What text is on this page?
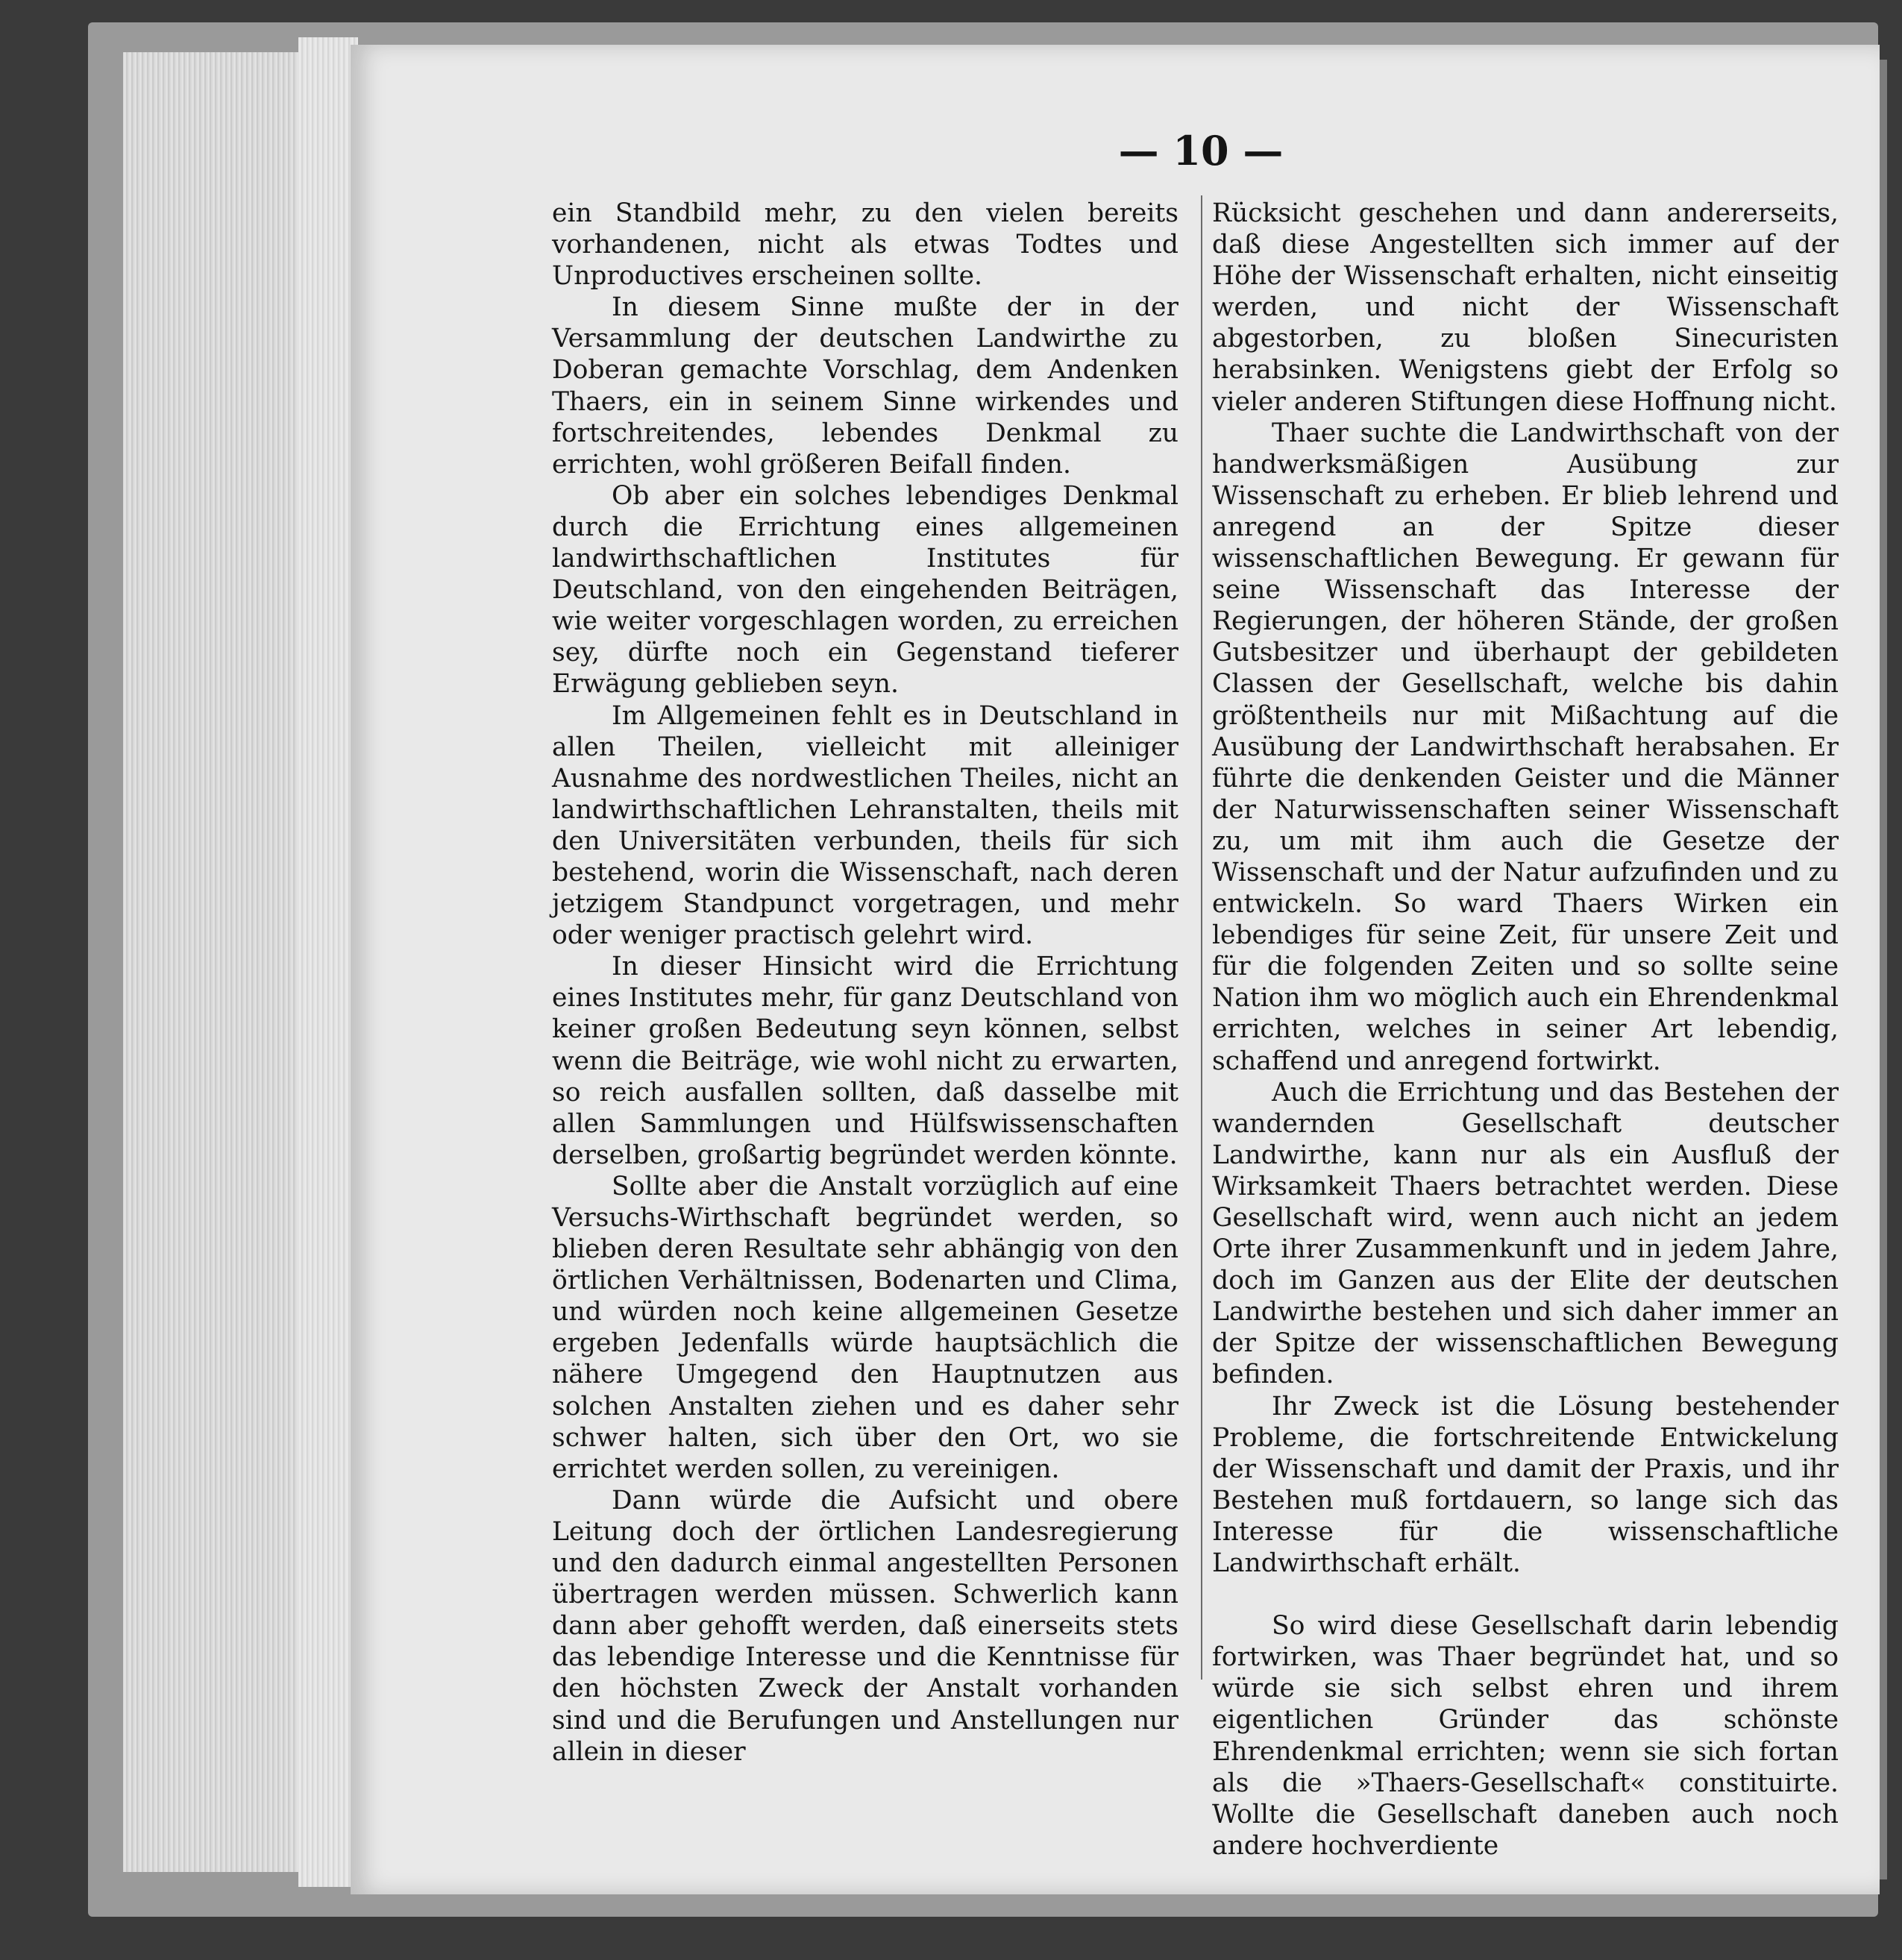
— 10 —

ein Standbild mehr, zu den vielen bereits vorhandenen, nicht als etwas Todtes und Unproductives erscheinen sollte.

In diesem Sinne mußte der in der Versammlung der deutschen Landwirthe zu Doberan gemachte Vorschlag, dem Andenken Thaers, ein in seinem Sinne wirkendes und fortschreitendes, lebendes Denkmal zu errichten, wohl größeren Beifall finden.

Ob aber ein solches lebendiges Denkmal durch die Errichtung eines allgemeinen landwirthschaftlichen Institutes für Deutschland, von den eingehenden Beiträgen, wie weiter vorgeschlagen worden, zu erreichen sey, dürfte noch ein Gegenstand tieferer Erwägung geblieben seyn.

Im Allgemeinen fehlt es in Deutschland in allen Theilen, vielleicht mit alleiniger Ausnahme des nordwestlichen Theiles, nicht an landwirthschaftlichen Lehranstalten, theils mit den Universitäten verbunden, theils für sich bestehend, worin die Wissenschaft, nach deren jetzigem Standpunct vorgetragen, und mehr oder weniger practisch gelehrt wird.

In dieser Hinsicht wird die Errichtung eines Institutes mehr, für ganz Deutschland von keiner großen Bedeutung seyn können, selbst wenn die Beiträge, wie wohl nicht zu erwarten, so reich ausfallen sollten, daß dasselbe mit allen Sammlungen und Hülfswissenschaften derselben, großartig begründet werden könnte.

Sollte aber die Anstalt vorzüglich auf eine Versuchs-Wirthschaft begründet werden, so blieben deren Resultate sehr abhängig von den örtlichen Verhältnissen, Bodenarten und Clima, und würden noch keine allgemeinen Gesetze ergeben Jedenfalls würde hauptsächlich die nähere Umgegend den Hauptnutzen aus solchen Anstalten ziehen und es daher sehr schwer halten, sich über den Ort, wo sie errichtet werden sollen, zu vereinigen.

Dann würde die Aufsicht und obere Leitung doch der örtlichen Landesregierung und den dadurch einmal angestellten Personen übertragen werden müssen. Schwerlich kann dann aber gehofft werden, daß einerseits stets das lebendige Interesse und die Kenntnisse für den höchsten Zweck der Anstalt vorhanden sind und die Berufungen und Anstellungen nur allein in dieser

Rücksicht geschehen und dann andererseits, daß diese Angestellten sich immer auf der Höhe der Wissenschaft erhalten, nicht einseitig werden, und nicht der Wissenschaft abgestorben, zu bloßen Sinecuristen herabsinken. Wenigstens giebt der Erfolg so vieler anderen Stiftungen diese Hoffnung nicht.

Thaer suchte die Landwirthschaft von der handwerksmäßigen Ausübung zur Wissenschaft zu erheben. Er blieb lehrend und anregend an der Spitze dieser wissenschaftlichen Bewegung. Er gewann für seine Wissenschaft das Interesse der Regierungen, der höheren Stände, der großen Gutsbesitzer und überhaupt der gebildeten Classen der Gesellschaft, welche bis dahin größtentheils nur mit Mißachtung auf die Ausübung der Landwirthschaft herabsahen. Er führte die denkenden Geister und die Männer der Naturwissenschaften seiner Wissenschaft zu, um mit ihm auch die Gesetze der Wissenschaft und der Natur aufzufinden und zu entwickeln. So ward Thaers Wirken ein lebendiges für seine Zeit, für unsere Zeit und für die folgenden Zeiten und so sollte seine Nation ihm wo möglich auch ein Ehrendenkmal errichten, welches in seiner Art lebendig, schaffend und anregend fortwirkt.

Auch die Errichtung und das Bestehen der wandernden Gesellschaft deutscher Landwirthe, kann nur als ein Ausfluß der Wirksamkeit Thaers betrachtet werden. Diese Gesellschaft wird, wenn auch nicht an jedem Orte ihrer Zusammenkunft und in jedem Jahre, doch im Ganzen aus der Elite der deutschen Landwirthe bestehen und sich daher immer an der Spitze der wissenschaftlichen Bewegung befinden.

Ihr Zweck ist die Lösung bestehender Probleme, die fortschreitende Entwickelung der Wissenschaft und damit der Praxis, und ihr Bestehen muß fortdauern, so lange sich das Interesse für die wissenschaftliche Landwirthschaft erhält.

So wird diese Gesellschaft darin lebendig fortwirken, was Thaer begründet hat, und so würde sie sich selbst ehren und ihrem eigentlichen Gründer das schönste Ehrendenkmal errichten; wenn sie sich fortan als die »Thaers-Gesellschaft« constituirte. Wollte die Gesellschaft daneben auch noch andere hochverdiente
